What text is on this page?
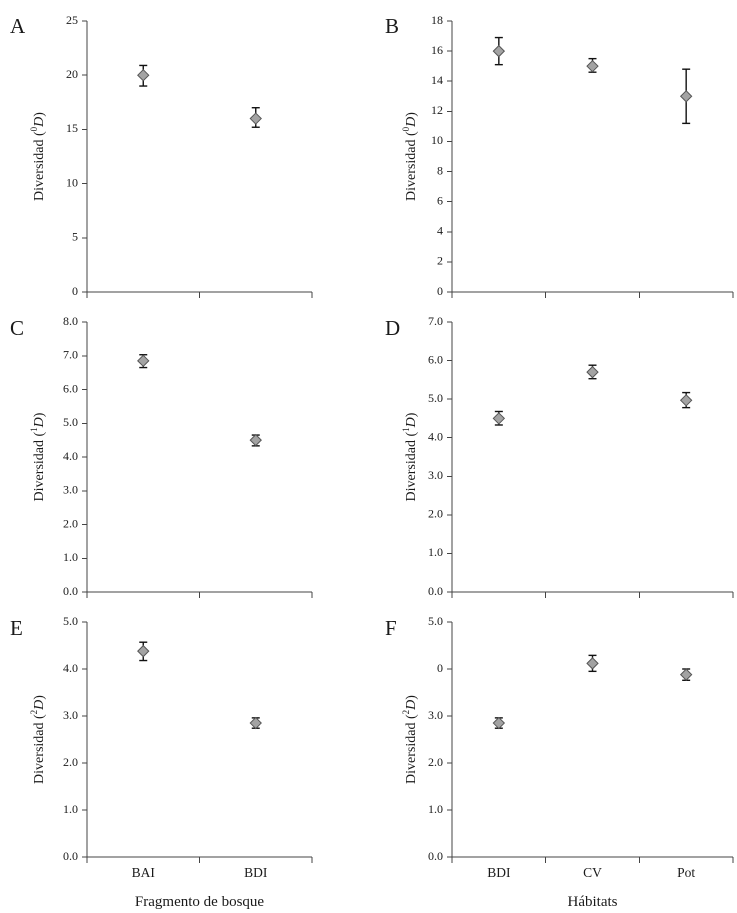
A
0
5
10
15
20
25
Diversidad ($^0$D)
B
0
2
4
6
8
10
12
14
16
18
Diversidad ($^0$D)
C
0.0
1.0
2.0
3.0
4.0
5.0
6.0
7.0
8.0
Diversidad ($^1$D)
D
0.0
1.0
2.0
3.0
4.0
5.0
6.0
7.0
Diversidad ($^1$D)
E
0.0
1.0
2.0
3.0
4.0
5.0
BAI	BDI
Fragmento de bosque
Diversidad ($^2$D)
F
0.0
1.0
2.0
3.0
0
5.0
BDI	CV	Pot
Hábitats
Diversidad ($^2$D)
